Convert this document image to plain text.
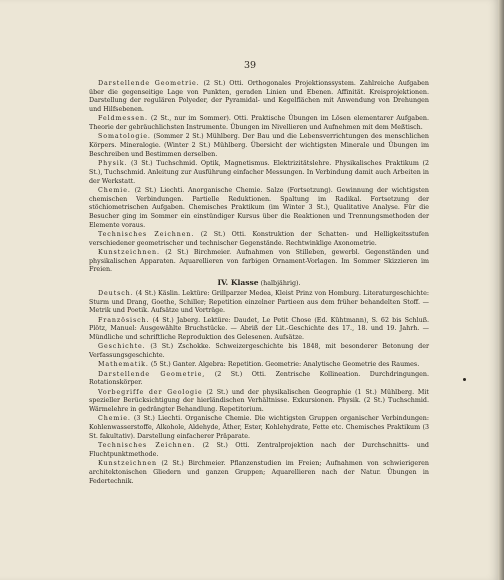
39

Darstellende Geometrie. (2 St.) Otti. Orthogonales Projektionssystem. Zahlreiche Aufgaben über die gegenseitige Lage von Punkten, geraden Linien und Ebenen. Affinität. Kreisprojektionen. Darstellung der regulären Polyeder, der Pyramidal- und Kegelflächen mit Anwendung von Drehungen und Hilfsebenen.

Feldmessen. (2 St., nur im Sommer). Otti. Praktische Übungen im Lösen elementarer Aufgaben. Theorie der gebräuchlichsten Instrumente. Übungen im Nivellieren und Aufnehmen mit dem Meßtisch.

Somatologie. (Sommer 2 St.) Mühlberg. Der Bau und die Lebensverrichtungen des menschlichen Körpers. Mineralogie. (Winter 2 St.) Mühlberg. Übersicht der wichtigsten Minerale und Übungen im Beschreiben und Bestimmen derselben.

Physik. (3 St.) Tuchschmid. Optik, Magnetismus. Elektrizitätslehre. Physikalisches Praktikum (2 St.), Tuchschmid. Anleitung zur Ausführung einfacher Messungen. In Verbindung damit auch Arbeiten in der Werkstatt.

Chemie. (2 St.) Liechti. Anorganische Chemie. Salze (Fortsetzung). Gewinnung der wichtigsten chemischen Verbindungen. Partielle Reduktionen. Spaltung im Radikal. Fortsetzung der stöchiometrischen Aufgaben. Chemisches Praktikum (im Winter 3 St.), Qualitative Analyse. Für die Besucher ging im Sommer ein einstündiger Kursus über die Reaktionen und Trennungsmethoden der Elemente voraus.

Technisches Zeichnen. (2 St.) Otti. Konstruktion der Schatten- und Helligkeitsstufen verschiedener geometrischer und technischer Gegenstände. Rechtwinklige Axonometrie.

Kunstzeichnen. (2 St.) Birchmeier. Aufnahmen von Stilleben, gewerbl. Gegenständen und physikalischen Apparaten. Aquarellieren von farbigen Ornament-Vorlagen. Im Sommer Skizzieren im Freien.

IV. Klasse (halbjährig).

Deutsch. (4 St.) Käslin. Lektüre: Grillparzer Medea, Kleist Prinz von Homburg. Literaturgeschichte: Sturm und Drang, Goethe, Schiller; Repetition einzelner Partieen aus dem früher behandelten Stoff. — Metrik und Poetik. Aufsätze und Vorträge.

Französisch. (4 St.) Jaberg. Lektüre: Daudet, Le Petit Chose (Ed. Kühtmann), S. 62 bis Schluß. Plötz, Manuel: Ausgewählte Bruchstücke. — Abriß der Lit.-Geschichte des 17., 18. und 19. Jahrh. — Mündliche und schriftliche Reproduktion des Gelesenen. Aufsätze.

Geschichte. (3 St.) Zschokke. Schweizergeschichte bis 1848, mit besonderer Betonung der Verfassungsgeschichte.

Mathematik. (5 St.) Ganter. Algebra: Repetition. Geometrie: Analytische Geometrie des Raumes.

Darstellende Geometrie, (2 St.) Otti. Zentrische Kollineation. Durchdringungen. Rotationskörper.

Vorbegriffe der Geologie (2 St.) und der physikalischen Geographie (1 St.) Mühlberg. Mit spezieller Berücksichtigung der hierländischen Verhältnisse. Exkursionen. Physik. (2 St.) Tuchschmid. Wärmelehre in gedrängter Behandlung. Repetitorium.

Chemie. (3 St.) Liechti. Organische Chemie. Die wichtigsten Gruppen organischer Verbindungen: Kohlenwasserstoffe, Alkohole, Aldehyde, Äther, Ester, Kohlehydrate, Fette etc. Chemisches Praktikum (3 St. fakultativ). Darstellung einfacherer Präparate.

Technisches Zeichnen. (2 St.) Otti. Zentralprojektion nach der Durchschnitts- und Fluchtpunktmethode.

Kunstzeichnen (2 St.) Birchmeier. Pflanzenstudien im Freien; Aufnahmen von schwierigeren architektonischen Gliedern und ganzen Gruppen; Aquarellieren nach der Natur. Übungen in Federtechnik.
